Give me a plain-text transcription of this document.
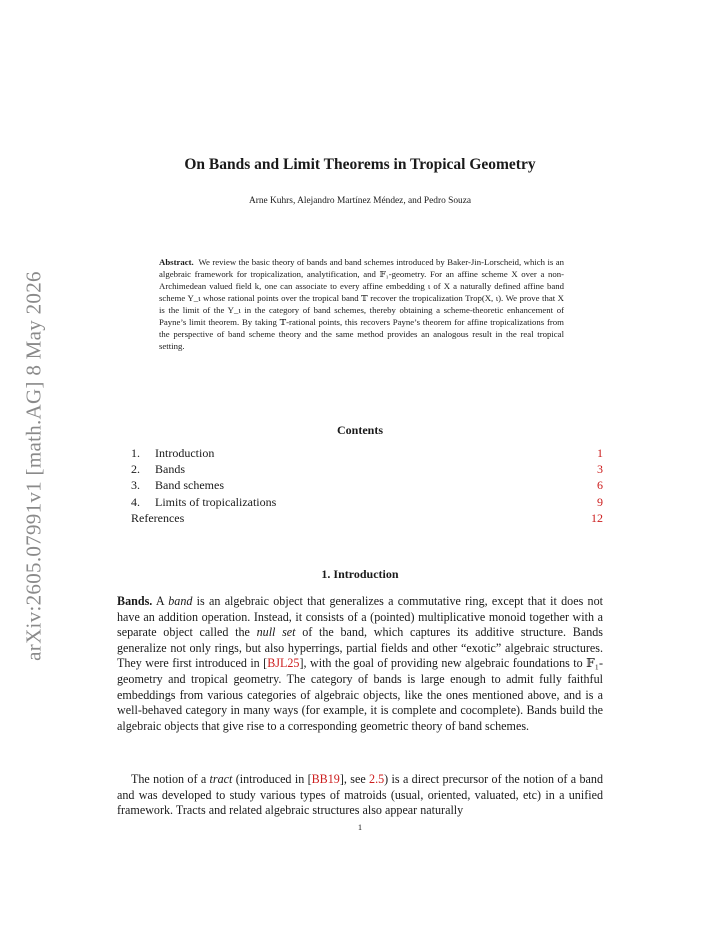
arXiv:2605.07991v1 [math.AG] 8 May 2026
On Bands and Limit Theorems in Tropical Geometry
Arne Kuhrs, Alejandro Martínez Méndez, and Pedro Souza
Abstract. We review the basic theory of bands and band schemes introduced by Baker-Jin-Lorscheid, which is an algebraic framework for tropicalization, analytification, and 𝔽₁-geometry. For an affine scheme X over a non-Archimedean valued field k, one can associate to every affine embedding ι of X a naturally defined affine band scheme Y_ι whose rational points over the tropical band 𝕋 recover the tropicalization Trop(X, ι). We prove that X is the limit of the Y_ι in the category of band schemes, thereby obtaining a scheme-theoretic enhancement of Payne’s limit theorem. By taking 𝕋-rational points, this recovers Payne’s theorem for affine tropicalizations from the perspective of band scheme theory and the same method provides an analogous result in the real tropical setting.
Contents
1. Introduction	1
2. Bands	3
3. Band schemes	6
4. Limits of tropicalizations	9
References	12
1. Introduction
Bands. A band is an algebraic object that generalizes a commutative ring, except that it does not have an addition operation. Instead, it consists of a (pointed) multiplicative monoid together with a separate object called the null set of the band, which captures its additive structure. Bands generalize not only rings, but also hyperrings, partial fields and other “exotic” algebraic structures. They were first introduced in [BJL25], with the goal of providing new algebraic foundations to 𝔽₁-geometry and tropical geometry. The category of bands is large enough to admit fully faithful embeddings from various categories of algebraic objects, like the ones mentioned above, and is a well-behaved category in many ways (for example, it is complete and cocomplete). Bands build the algebraic objects that give rise to a corresponding geometric theory of band schemes.
The notion of a tract (introduced in [BB19], see 2.5) is a direct precursor of the notion of a band and was developed to study various types of matroids (usual, oriented, valuated, etc) in a unified framework. Tracts and related algebraic structures also appear naturally
1
